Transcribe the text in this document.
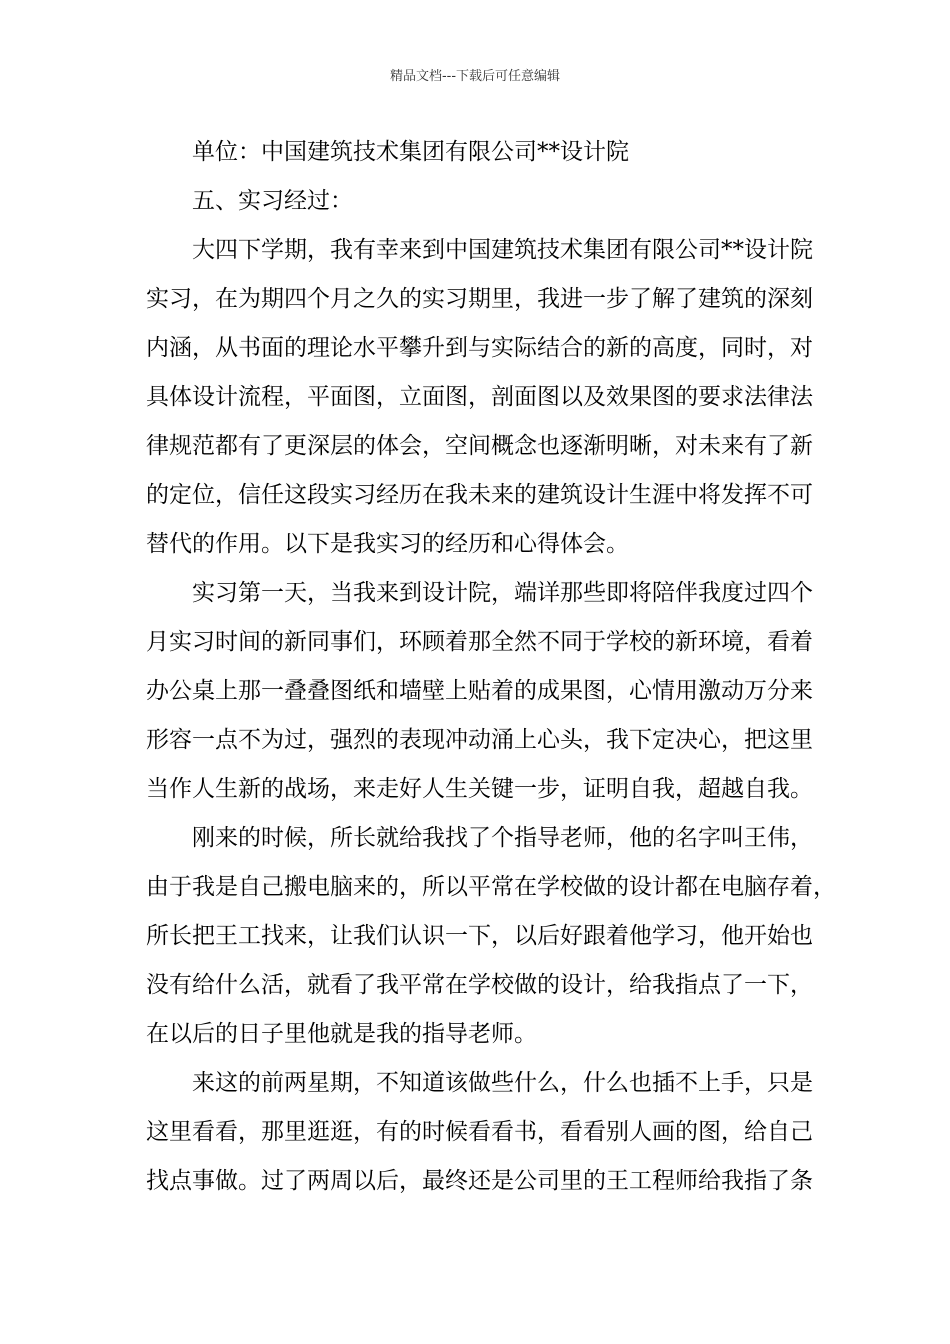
精品文档---下载后可任意编辑

单位：中国建筑技术集团有限公司**设计院

五、实习经过：

大四下学期，我有幸来到中国建筑技术集团有限公司**设计院
实习，在为期四个月之久的实习期里，我进一步了解了建筑的深刻
内涵，从书面的理论水平攀升到与实际结合的新的高度，同时，对
具体设计流程，平面图，立面图，剖面图以及效果图的要求法律法
律规范都有了更深层的体会，空间概念也逐渐明晰，对未来有了新
的定位，信任这段实习经历在我未来的建筑设计生涯中将发挥不可
替代的作用。以下是我实习的经历和心得体会。

实习第一天，当我来到设计院，端详那些即将陪伴我度过四个
月实习时间的新同事们，环顾着那全然不同于学校的新环境，看着
办公桌上那一叠叠图纸和墙壁上贴着的成果图，心情用激动万分来
形容一点不为过，强烈的表现冲动涌上心头，我下定决心，把这里
当作人生新的战场，来走好人生关键一步，证明自我，超越自我。

刚来的时候，所长就给我找了个指导老师，他的名字叫王伟，
由于我是自己搬电脑来的，所以平常在学校做的设计都在电脑存着，
所长把王工找来，让我们认识一下，以后好跟着他学习，他开始也
没有给什么活，就看了我平常在学校做的设计，给我指点了一下，
在以后的日子里他就是我的指导老师。

来这的前两星期，不知道该做些什么，什么也插不上手，只是
这里看看，那里逛逛，有的时候看看书，看看别人画的图，给自己
找点事做。过了两周以后，最终还是公司里的王工程师给我指了条
